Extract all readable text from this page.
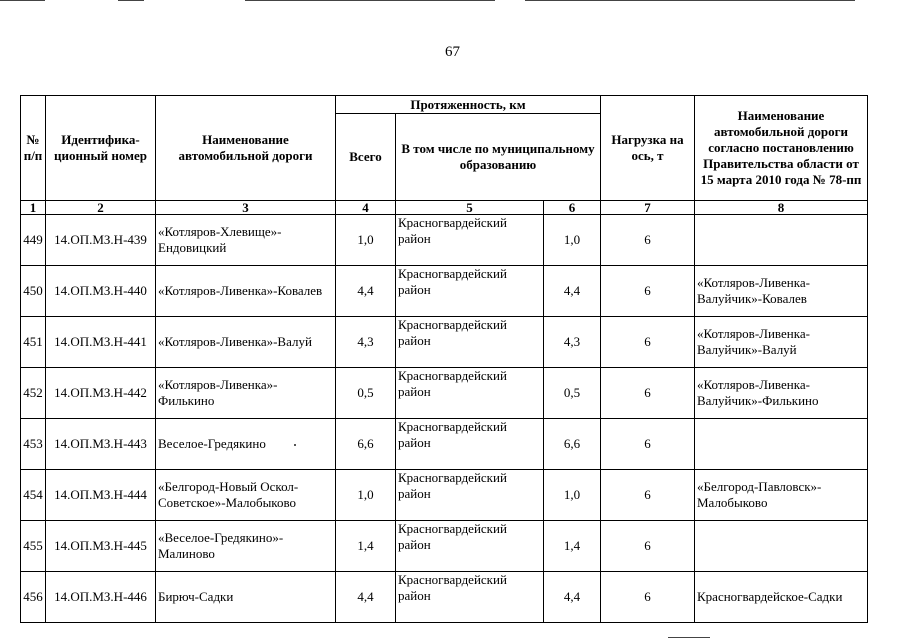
67
№ п/п	Идентифика-ционный номер	Наименование автомобильной дороги	Протяженность, км			Нагрузка на ось, т	Наименование автомобильной дороги согласно постановлению Правительства области от 15 марта 2010 года № 78-пп
			Всего	В том числе по муниципальному образованию			
1	2	3	4	5	6	7	8
449	14.ОП.МЗ.Н-439	«Котляров-Хлевище»-Ендовицкий	1,0	Красногвардейский район	1,0	6	
450	14.ОП.МЗ.Н-440	«Котляров-Ливенка»-Ковалев	4,4	Красногвардейский район	4,4	6	«Котляров-Ливенка-Валуйчик»-Ковалев
451	14.ОП.МЗ.Н-441	«Котляров-Ливенка»-Валуй	4,3	Красногвардейский район	4,3	6	«Котляров-Ливенка-Валуйчик»-Валуй
452	14.ОП.МЗ.Н-442	«Котляров-Ливенка»-Филькино	0,5	Красногвардейский район	0,5	6	«Котляров-Ливенка-Валуйчик»-Филькино
453	14.ОП.МЗ.Н-443	Веселое-Гредякино	6,6	Красногвардейский район	6,6	6	
454	14.ОП.МЗ.Н-444	«Белгород-Новый Оскол-Советское»-Малобыково	1,0	Красногвардейский район	1,0	6	«Белгород-Павловск»-Малобыково
455	14.ОП.МЗ.Н-445	«Веселое-Гредякино»-Малиново	1,4	Красногвардейский район	1,4	6	
456	14.ОП.МЗ.Н-446	Бирюч-Садки	4,4	Красногвардейский район	4,4	6	Красногвардейское-Садки
